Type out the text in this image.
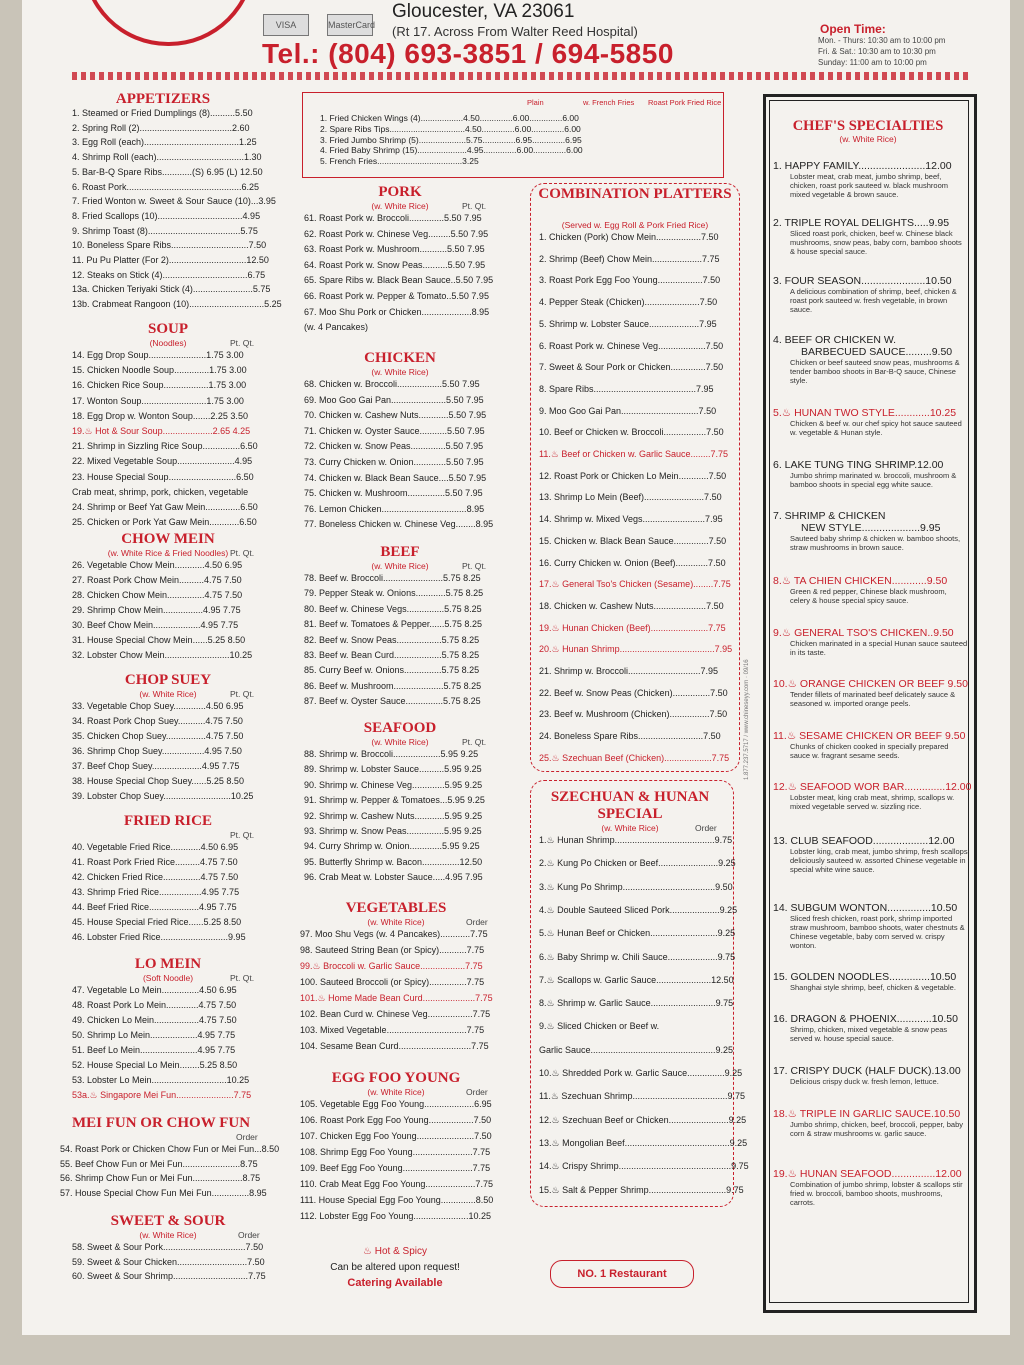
VISA	MasterCard
Gloucester, VA 23061
(Rt 17. Across From Walter Reed Hospital)
Tel.: (804) 693-3851 / 694-5850
Open Time:
Mon. - Thurs: 10:30 am to 10:00 pm
Fri. & Sat.: 10:30 am to 10:30 pm
Sunday: 11:00 am to 10:00 pm
APPETIZERS
1. Steamed or Fried Dumplings (8)..........5.50
2. Spring Roll (2).....................................2.60
3. Egg Roll (each)......................................1.25
4. Shrimp Roll (each)...................................1.30
5. Bar-B-Q Spare Ribs............(S) 6.95 (L) 12.50
6. Roast Pork..............................................6.25
7. Fried Wonton w. Sweet & Sour Sauce (10)...3.95
8. Fried Scallops (10)..................................4.95
9. Shrimp Toast (8).....................................5.75
10. Boneless Spare Ribs...............................7.50
11. Pu Pu Platter (For 2)...............................12.50
12. Steaks on Stick (4)..................................6.75
13a. Chicken Teriyaki Stick (4)........................5.75
13b. Crabmeat Rangoon (10)..............................5.25
SOUP
(Noodles)	Pt. Qt.
14. Egg Drop Soup.......................1.75 3.00
15. Chicken Noodle Soup..............1.75 3.00
16. Chicken Rice Soup..................1.75 3.00
17. Wonton Soup..........................1.75 3.00
18. Egg Drop w. Wonton Soup.......2.25 3.50
19.♨ Hot & Sour Soup....................2.65 4.25
21. Shrimp in Sizzling Rice Soup...............6.50
22. Mixed Vegetable Soup.......................4.95
23. House Special Soup...........................6.50
Crab meat, shrimp, pork, chicken, vegetable
24. Shrimp or Beef Yat Gaw Mein..............6.50
25. Chicken or Pork Yat Gaw Mein............6.50
CHOW MEIN
(w. White Rice & Fried Noodles) Pt. Qt.
26. Vegetable Chow Mein............4.50 6.95
27. Roast Pork Chow Mein..........4.75 7.50
28. Chicken Chow Mein...............4.75 7.50
29. Shrimp Chow Mein................4.95 7.75
30. Beef Chow Mein...................4.95 7.75
31. House Special Chow Mein......5.25 8.50
32. Lobster Chow Mein..........................10.25
CHOP SUEY
(w. White Rice)	Pt. Qt.
33. Vegetable Chop Suey.............4.50 6.95
34. Roast Pork Chop Suey...........4.75 7.50
35. Chicken Chop Suey................4.75 7.50
36. Shrimp Chop Suey.................4.95 7.50
37. Beef Chop Suey....................4.95 7.75
38. House Special Chop Suey......5.25 8.50
39. Lobster Chop Suey...........................10.25
FRIED RICE
Pt. Qt.
40. Vegetable Fried Rice............4.50 6.95
41. Roast Pork Fried Rice..........4.75 7.50
42. Chicken Fried Rice...............4.75 7.50
43. Shrimp Fried Rice.................4.95 7.75
44. Beef Fried Rice....................4.95 7.75
45. House Special Fried Rice......5.25 8.50
46. Lobster Fried Rice...........................9.95
LO MEIN
(Soft Noodle)	Pt. Qt.
47. Vegetable Lo Mein...............4.50 6.95
48. Roast Pork Lo Mein.............4.75 7.50
49. Chicken Lo Mein..................4.75 7.50
50. Shrimp Lo Mein...................4.95 7.75
51. Beef Lo Mein.......................4.95 7.75
52. House Special Lo Mein........5.25 8.50
53. Lobster Lo Mein..............................10.25
53a.♨ Singapore Mei Fun.......................7.75
MEI FUN OR CHOW FUN
Order
54. Roast Pork or Chicken Chow Fun or Mei Fun...8.50
55. Beef Chow Fun or Mei Fun.......................8.75
56. Shrimp Chow Fun or Mei Fun....................8.75
57. House Special Chow Fun Mei Fun...............8.95
SWEET & SOUR
(w. White Rice)	Order
58. Sweet & Sour Pork.................................7.50
59. Sweet & Sour Chicken............................7.50
60. Sweet & Sour Shrimp..............................7.75
Plain	w. French Fries Roast Pork Fried Rice
1. Fried Chicken Wings (4)..................4.50..............6.00..............6.00
2. Spare Ribs Tips................................4.50..............6.00..............6.00
3. Fried Jumbo Shrimp (5)....................5.75..............6.95..............6.95
4. Fried Baby Shrimp (15).....................4.95..............6.00..............6.00
5. French Fries....................................3.25
PORK
(w. White Rice)	Pt. Qt.
61. Roast Pork w. Broccoli..............5.50 7.95
62. Roast Pork w. Chinese Veg.........5.50 7.95
63. Roast Pork w. Mushroom...........5.50 7.95
64. Roast Pork w. Snow Peas..........5.50 7.95
65. Spare Ribs w. Black Bean Sauce..5.50 7.95
66. Roast Pork w. Pepper & Tomato..5.50 7.95
67. Moo Shu Pork or Chicken....................8.95
(w. 4 Pancakes)
CHICKEN
(w. White Rice)
68. Chicken w. Broccoli..................5.50 7.95
69. Moo Goo Gai Pan......................5.50 7.95
70. Chicken w. Cashew Nuts............5.50 7.95
71. Chicken w. Oyster Sauce...........5.50 7.95
72. Chicken w. Snow Peas..............5.50 7.95
73. Curry Chicken w. Onion.............5.50 7.95
74. Chicken w. Black Bean Sauce....5.50 7.95
75. Chicken w. Mushroom...............5.50 7.95
76. Lemon Chicken..................................8.95
77. Boneless Chicken w. Chinese Veg........8.95
BEEF
(w. White Rice)	Pt. Qt.
78. Beef w. Broccoli........................5.75 8.25
79. Pepper Steak w. Onions............5.75 8.25
80. Beef w. Chinese Vegs...............5.75 8.25
81. Beef w. Tomatoes & Pepper......5.75 8.25
82. Beef w. Snow Peas..................5.75 8.25
83. Beef w. Bean Curd...................5.75 8.25
85. Curry Beef w. Onions...............5.75 8.25
86. Beef w. Mushroom....................5.75 8.25
87. Beef w. Oyster Sauce...............5.75 8.25
SEAFOOD
(w. White Rice)	Pt. Qt.
88. Shrimp w. Broccoli...................5.95 9.25
89. Shrimp w. Lobster Sauce..........5.95 9.25
90. Shrimp w. Chinese Veg.............5.95 9.25
91. Shrimp w. Pepper & Tomatoes...5.95 9.25
92. Shrimp w. Cashew Nuts............5.95 9.25
93. Shrimp w. Snow Peas...............5.95 9.25
94. Curry Shrimp w. Onion.............5.95 9.25
95. Butterfly Shrimp w. Bacon...............12.50
96. Crab Meat w. Lobster Sauce.....4.95 7.95
VEGETABLES
(w. White Rice)	Order
97. Moo Shu Vegs (w. 4 Pancakes)............7.75
98. Sauteed String Bean (or Spicy)...........7.75
99.♨ Broccoli w. Garlic Sauce..................7.75
100. Sauteed Broccoli (or Spicy)...............7.75
101.♨ Home Made Bean Curd.....................7.75
102. Bean Curd w. Chinese Veg..................7.75
103. Mixed Vegetable................................7.75
104. Sesame Bean Curd.............................7.75
EGG FOO YOUNG
(w. White Rice)	Order
105. Vegetable Egg Foo Young....................6.95
106. Roast Pork Egg Foo Young..................7.50
107. Chicken Egg Foo Young.......................7.50
108. Shrimp Egg Foo Young........................7.75
109. Beef Egg Foo Young............................7.75
110. Crab Meat Egg Foo Young....................7.75
111. House Special Egg Foo Young..............8.50
112. Lobster Egg Foo Young......................10.25
COMBINATION PLATTERS
(Served w. Egg Roll & Pork Fried Rice)
1. Chicken (Pork) Chow Mein..................7.50
2. Shrimp (Beef) Chow Mein....................7.75
3. Roast Pork Egg Foo Young..................7.50
4. Pepper Steak (Chicken)......................7.50
5. Shrimp w. Lobster Sauce....................7.95
6. Roast Pork w. Chinese Veg...................7.50
7. Sweet & Sour Pork or Chicken..............7.50
8. Spare Ribs.........................................7.95
9. Moo Goo Gai Pan...............................7.50
10. Beef or Chicken w. Broccoli.................7.50
11.♨ Beef or Chicken w. Garlic Sauce........7.75
12. Roast Pork or Chicken Lo Mein............7.50
13. Shrimp Lo Mein (Beef)........................7.50
14. Shrimp w. Mixed Vegs.........................7.95
15. Chicken w. Black Bean Sauce..............7.50
16. Curry Chicken w. Onion (Beef).............7.50
17.♨ General Tso's Chicken (Sesame)........7.75
18. Chicken w. Cashew Nuts.....................7.50
19.♨ Hunan Chicken (Beef).......................7.75
20.♨ Hunan Shrimp......................................7.95
21. Shrimp w. Broccoli.............................7.95
22. Beef w. Snow Peas (Chicken)...............7.50
23. Beef w. Mushroom (Chicken)................7.50
24. Boneless Spare Ribs..........................7.50
25.♨ Szechuan Beef (Chicken)...................7.75
SZECHUAN & HUNAN SPECIAL
(w. White Rice)	Order
1.♨ Hunan Shrimp........................................9.75
2.♨ Kung Po Chicken or Beef........................9.25
3.♨ Kung Po Shrimp.....................................9.50
4.♨ Double Sauteed Sliced Pork....................9.25
5.♨ Hunan Beef or Chicken...........................9.25
6.♨ Baby Shrimp w. Chili Sauce....................9.75
7.♨ Scallops w. Garlic Sauce......................12.50
8.♨ Shrimp w. Garlic Sauce..........................9.75
9.♨ Sliced Chicken or Beef w.
Garlic Sauce..................................................9.25
10.♨ Shredded Pork w. Garlic Sauce...............9.25
11.♨ Szechuan Shrimp......................................9.75
12.♨ Szechuan Beef or Chicken........................9.25
13.♨ Mongolian Beef..........................................9.25
14.♨ Crispy Shrimp.............................................9.75
15.♨ Salt & Pepper Shrimp...............................9.75
CHEF'S SPECIALTIES
(w. White Rice)
1. HAPPY FAMILY.......................12.00
Lobster meat, crab meat, jumbo shrimp, beef, chicken, roast pork sauteed w. black mushroom mixed vegetable & brown sauce.
2. TRIPLE ROYAL DELIGHTS.....9.95
Sliced roast pork, chicken, beef w. Chinese black mushrooms, snow peas, baby corn, bamboo shoots & house special sauce.
3. FOUR SEASON......................10.50
A delicious combination of shrimp, beef, chicken & roast pork sauteed w. fresh vegetable, in brown sauce.
4. BEEF OR CHICKEN W.
BARBECUED SAUCE.........9.50
Chicken or beef sauteed snow peas, mushrooms & tender bamboo shoots in Bar-B-Q sauce, Chinese style.
5.♨ HUNAN TWO STYLE............10.25
Chicken & beef w. our chef spicy hot sauce sauteed w. vegetable & Hunan style.
6. LAKE TUNG TING SHRIMP.12.00
Jumbo shrimp marinated w. broccoli, mushroom & bamboo shoots in special egg white sauce.
7. SHRIMP & CHICKEN
NEW STYLE....................9.95
Sauteed baby shrimp & chicken w. bamboo shoots, straw mushrooms in brown sauce.
8.♨ TA CHIEN CHICKEN............9.50
Green & red pepper, Chinese black mushroom, celery & house special spicy sauce.
9.♨ GENERAL TSO'S CHICKEN..9.50
Chicken marinated in a special Hunan sauce sauteed in its taste.
10.♨ ORANGE CHICKEN OR BEEF 9.50
Tender fillets of marinated beef delicately sauce & seasoned w. imported orange peels.
11.♨ SESAME CHICKEN OR BEEF 9.50
Chunks of chicken cooked in specially prepared sauce w. fragrant sesame seeds.
12.♨ SEAFOOD WOR BAR..............12.00
Lobster meat, king crab meat, shrimp, scallops w. mixed vegetable served w. sizzling rice.
13. CLUB SEAFOOD...................12.00
Lobster king, crab meat, jumbo shrimp, fresh scallops deliciously sauteed w. assorted Chinese vegetable in special white wine sauce.
14. SUBGUM WONTON...............10.50
Sliced fresh chicken, roast pork, shrimp imported straw mushroom, bamboo shoots, water chestnuts & Chinese vegetable, baby corn served w. crispy wonton.
15. GOLDEN NOODLES..............10.50
Shanghai style shrimp, beef, chicken & vegetable.
16. DRAGON & PHOENIX............10.50
Shrimp, chicken, mixed vegetable & snow peas served w. house special sauce.
17. CRISPY DUCK (HALF DUCK).13.00
Delicious crispy duck w. fresh lemon, lettuce.
18.♨ TRIPLE IN GARLIC SAUCE.10.50
Jumbo shrimp, chicken, beef, broccoli, pepper, baby corn & straw mushrooms w. garlic sauce.
19.♨ HUNAN SEAFOOD...............12.00
Combination of jumbo shrimp, lobster & scallops stir fried w. broccoli, bamboo shoots, mushrooms, carrots.
♨ Hot & Spicy
Can be altered upon request!
Catering Available
NO. 1 Restaurant
1.877.237.5717 / www.chineseyy.com · 09/16
